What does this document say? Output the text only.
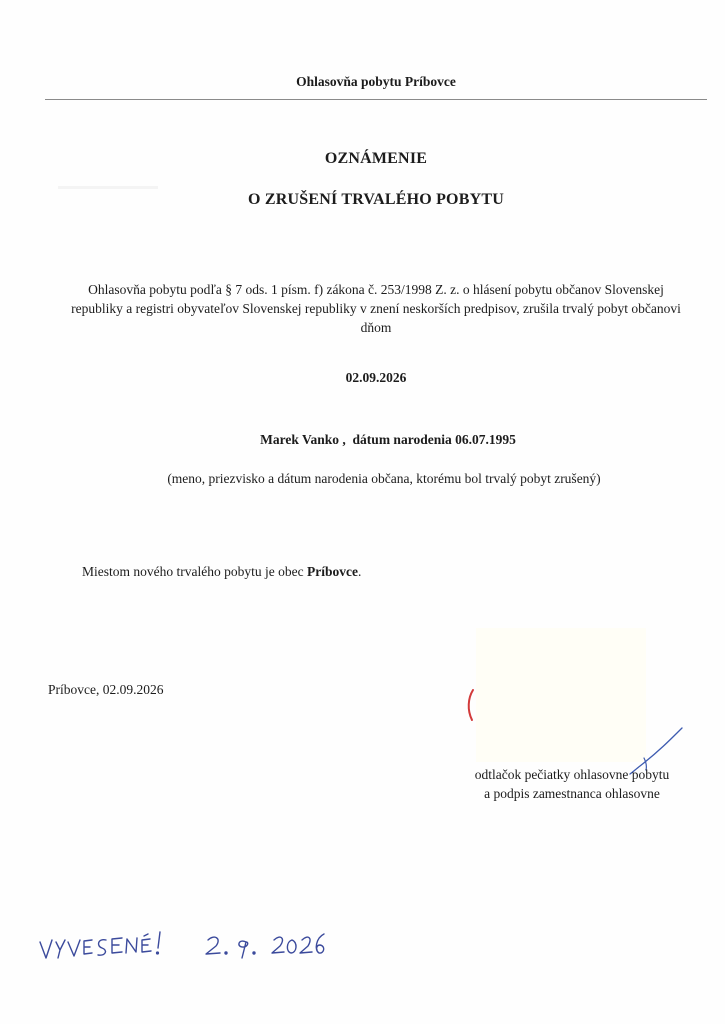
Ohlasovňa pobytu Príbovce
OZNÁMENIE
O ZRUŠENÍ TRVALÉHO POBYTU
Ohlasovňa pobytu podľa § 7 ods. 1 písm. f) zákona č. 253/1998 Z. z. o hlásení pobytu občanov Slovenskej
republiky a registri obyvateľov Slovenskej republiky v znení neskorších predpisov, zrušila trvalý pobyt občanovi
dňom
02.09.2026
Marek Vanko ,  dátum narodenia 06.07.1995
(meno, priezvisko a dátum narodenia občana, ktorému bol trvalý pobyt zrušený)
Miestom nového trvalého pobytu je obec Príbovce.
Príbovce, 02.09.2026
odtlačok pečiatky ohlasovne pobytu
a podpis zamestnanca ohlasovne
